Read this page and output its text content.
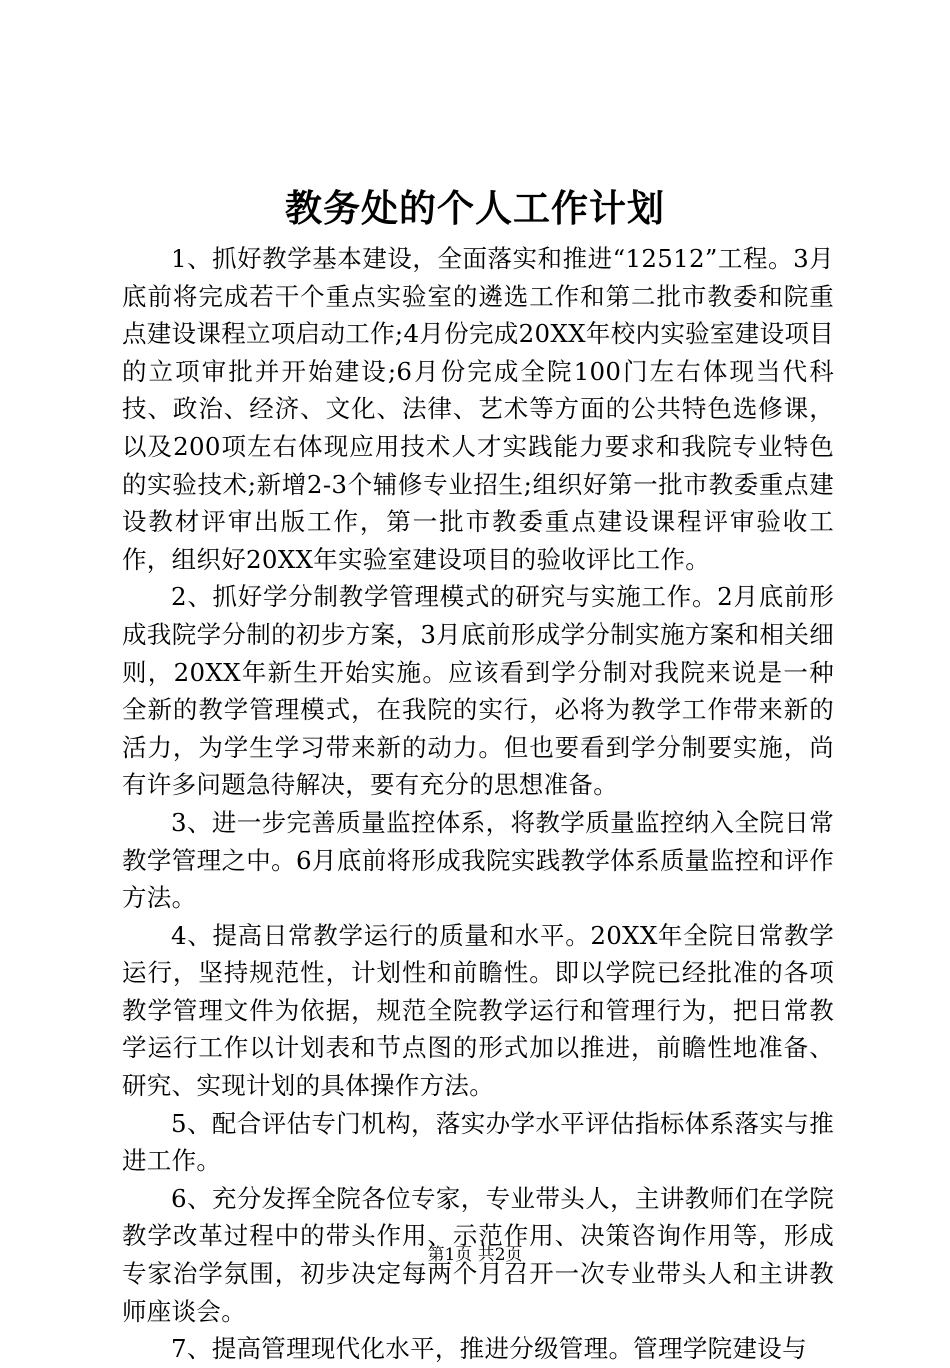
教务处的个人工作计划

1、抓好教学基本建设，全面落实和推进“12512”工程。3月底前将完成若干个重点实验室的遴选工作和第二批市教委和院重点建设课程立项启动工作;4月份完成20XX年校内实验室建设项目的立项审批并开始建设;6月份完成全院100门左右体现当代科技、政治、经济、文化、法律、艺术等方面的公共特色选修课，以及200项左右体现应用技术人才实践能力要求和我院专业特色的实验技术;新增2-3个辅修专业招生;组织好第一批市教委重点建设教材评审出版工作，第一批市教委重点建设课程评审验收工作，组织好20XX年实验室建设项目的验收评比工作。

2、抓好学分制教学管理模式的研究与实施工作。2月底前形成我院学分制的初步方案，3月底前形成学分制实施方案和相关细则，20XX年新生开始实施。应该看到学分制对我院来说是一种全新的教学管理模式，在我院的实行，必将为教学工作带来新的活力，为学生学习带来新的动力。但也要看到学分制要实施，尚有许多问题急待解决，要有充分的思想准备。

3、进一步完善质量监控体系，将教学质量监控纳入全院日常教学管理之中。6月底前将形成我院实践教学体系质量监控和评作方法。

4、提高日常教学运行的质量和水平。20XX年全院日常教学运行，坚持规范性，计划性和前瞻性。即以学院已经批准的各项教学管理文件为依据，规范全院教学运行和管理行为，把日常教学运行工作以计划表和节点图的形式加以推进，前瞻性地准备、研究、实现计划的具体操作方法。

5、配合评估专门机构，落实办学水平评估指标体系落实与推进工作。

6、充分发挥全院各位专家，专业带头人，主讲教师们在学院教学改革过程中的带头作用、示范作用、决策咨询作用等，形成专家治学氛围，初步决定每两个月召开一次专业带头人和主讲教师座谈会。

7、提高管理现代化水平，推进分级管理。管理学院建设与

第1页 共2页
